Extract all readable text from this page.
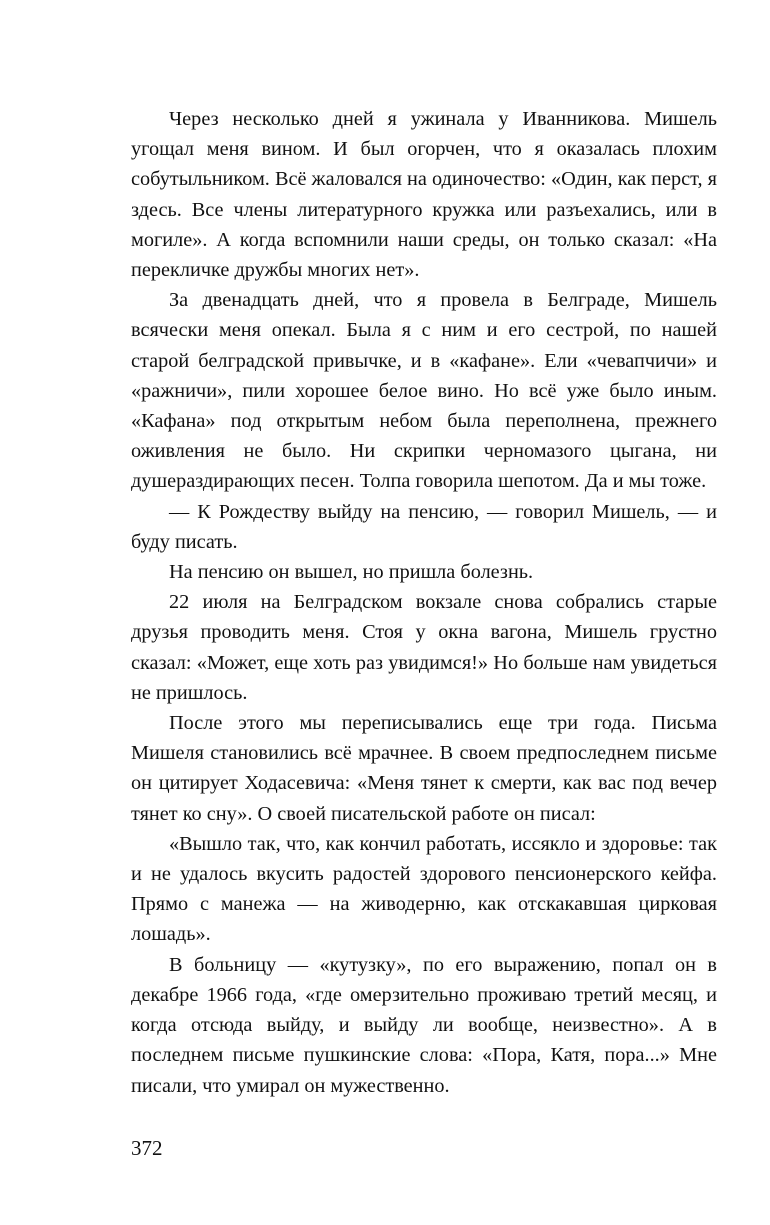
Через несколько дней я ужинала у Иванникова. Мишель угощал меня вином. И был огорчен, что я оказалась плохим собутыльником. Всё жаловался на одиночество: «Один, как перст, я здесь. Все члены литературного кружка или разъехались, или в могиле». А когда вспомнили наши среды, он только сказал: «На перекличке дружбы многих нет».

За двенадцать дней, что я провела в Белграде, Мишель всячески меня опекал. Была я с ним и его сестрой, по нашей старой белградской привычке, и в «кафане». Ели «чевапчичи» и «ражничи», пили хорошее белое вино. Но всё уже было иным. «Кафана» под открытым небом была переполнена, прежнего оживления не было. Ни скрипки черномазого цыгана, ни душераздирающих песен. Толпа говорила шепотом. Да и мы тоже.

— К Рождеству выйду на пенсию, — говорил Мишель, — и буду писать.

На пенсию он вышел, но пришла болезнь.

22 июля на Белградском вокзале снова собрались старые друзья проводить меня. Стоя у окна вагона, Мишель грустно сказал: «Может, еще хоть раз увидимся!» Но больше нам увидеться не пришлось.

После этого мы переписывались еще три года. Письма Мишеля становились всё мрачнее. В своем предпоследнем письме он цитирует Ходасевича: «Меня тянет к смерти, как вас под вечер тянет ко сну». О своей писательской работе он писал:

«Вышло так, что, как кончил работать, иссякло и здоровье: так и не удалось вкусить радостей здорового пенсионерского кейфа. Прямо с манежа — на живодерню, как отскакавшая цирковая лошадь».

В больницу — «кутузку», по его выражению, попал он в декабре 1966 года, «где омерзительно проживаю третий месяц, и когда отсюда выйду, и выйду ли вообще, неизвестно». А в последнем письме пушкинские слова: «Пора, Катя, пора...» Мне писали, что умирал он мужественно.

372
